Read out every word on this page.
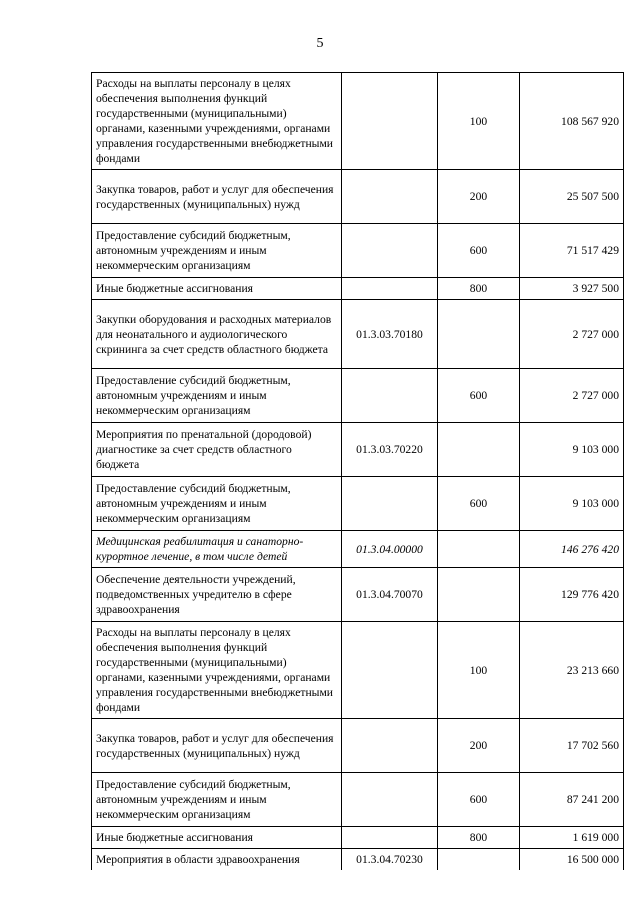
5
Расходы на выплаты персоналу в целях обеспечения выполнения функций государственными (муниципальными) органами, казенными учреждениями, органами управления государственными внебюджетными фондами		100	108 567 920
Закупка товаров, работ и услуг для обеспечения государственных (муниципальных) нужд		200	25 507 500
Предоставление субсидий бюджетным, автономным учреждениям и иным некоммерческим организациям		600	71 517 429
Иные бюджетные ассигнования		800	3 927 500
Закупки оборудования и расходных материалов для неонатального и аудиологического скрининга за счет средств областного бюджета	01.3.03.70180		2 727 000
Предоставление субсидий бюджетным, автономным учреждениям и иным некоммерческим организациям		600	2 727 000
Мероприятия по пренатальной (дородовой) диагностике за счет средств областного бюджета	01.3.03.70220		9 103 000
Предоставление субсидий бюджетным, автономным учреждениям и иным некоммерческим организациям		600	9 103 000
Медицинская реабилитация и санаторно-курортное лечение, в том числе детей	01.3.04.00000		146 276 420
Обеспечение деятельности учреждений, подведомственных учредителю в сфере здравоохранения	01.3.04.70070		129 776 420
Расходы на выплаты персоналу в целях обеспечения выполнения функций государственными (муниципальными) органами, казенными учреждениями, органами управления государственными внебюджетными фондами		100	23 213 660
Закупка товаров, работ и услуг для обеспечения государственных (муниципальных) нужд		200	17 702 560
Предоставление субсидий бюджетным, автономным учреждениям и иным некоммерческим организациям		600	87 241 200
Иные бюджетные ассигнования		800	1 619 000
Мероприятия в области здравоохранения	01.3.04.70230		16 500 000
